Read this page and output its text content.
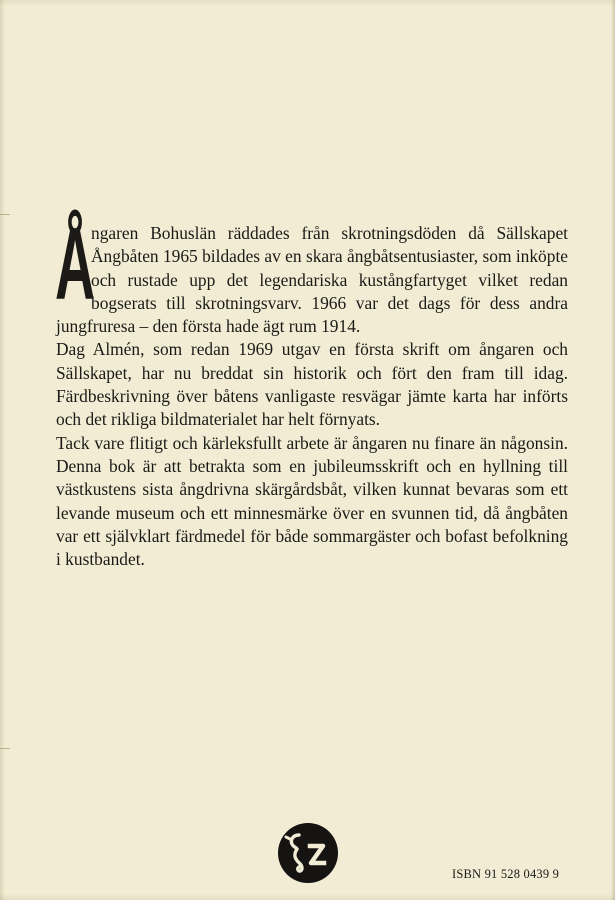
Å
ngaren Bohuslän räddades från skrotningsdöden då Sällskapet Ångbåten 1965 bildades av en skara ångbåtsentusiaster, som inköpte och rustade upp det legendariska kustångfartyget vilket redan bogserats till skrotningsvarv. 1966 var det dags för dess andra jungfruresa – den första hade ägt rum 1914.

Dag Almén, som redan 1969 utgav en första skrift om ångaren och Sällskapet, har nu breddat sin historik och fört den fram till idag. Färdbeskrivning över båtens vanligaste resvägar jämte karta har införts och det rikliga bildmaterialet har helt förnyats.

Tack vare flitigt och kärleksfullt arbete är ångaren nu finare än någonsin. Denna bok är att betrakta som en jubileumsskrift och en hyllning till västkustens sista ångdrivna skärgårdsbåt, vilken kunnat bevaras som ett levande museum och ett minnesmärke över en svunnen tid, då ångbåten var ett självklart färdmedel för både sommargäster och bofast befolkning i kustbandet.

ISBN 91 528 0439 9
